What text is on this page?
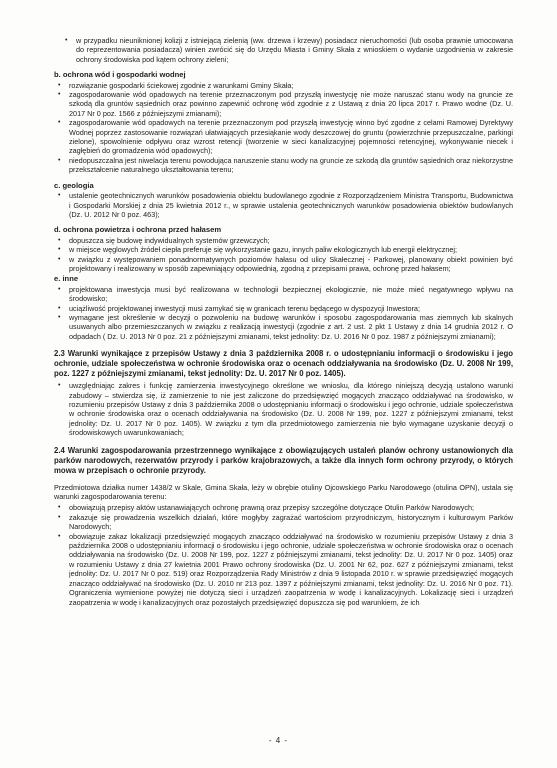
• w przypadku nieuniknionej kolizji z istniejącą zielenią (ww. drzewa i krzewy) posiadacz nieruchomości (lub osoba prawnie umocowana do reprezentowania posiadacza) winien zwrócić się do Urzędu Miasta i Gminy Skała z wnioskiem o wydanie uzgodnienia w zakresie ochrony środowiska pod kątem ochrony zieleni;
b. ochrona wód i gospodarki wodnej
• rozwiązanie gospodarki ściekowej zgodnie z warunkami Gminy Skała;
• zagospodarowanie wód opadowych na terenie przeznaczonym pod przyszłą inwestycję nie może naruszać stanu wody na gruncie ze szkodą dla gruntów sąsiednich oraz powinno zapewnić ochronę wód zgodnie z z Ustawą z dnia 20 lipca 2017 r. Prawo wodne (Dz. U. 2017 Nr 0 poz. 1566 z późniejszymi zmianami);
• zagospodarowanie wód opadowych na terenie przeznaczonym pod przyszłą inwestycję winno być zgodne z celami Ramowej Dyrektywy Wodnej poprzez zastosowanie rozwiązań ułatwiających przesiąkanie wody deszczowej do gruntu (powierzchnie przepuszczalne, parkingi zielone), spowolnienie odpływu oraz wzrost retencji (tworzenie w sieci kanalizacyjnej pojemności retencyjnej, wykonywanie niecek i zagłębień do gromadzenia wód opadowych);
• niedopuszczalna jest niwelacja terenu powodująca naruszenie stanu wody na gruncie ze szkodą dla gruntów sąsiednich oraz niekorzystne przekształcenie naturalnego ukształtowania terenu;
c. geologia
• ustalenie geotechnicznych warunków posadowienia obiektu budowlanego zgodnie z Rozporządzeniem Ministra Transportu, Budownictwa i Gospodarki Morskiej z dnia 25 kwietnia 2012 r., w sprawie ustalenia geotechnicznych warunków posadowienia obiektów budowlanych (Dz. U. 2012 Nr 0 poz. 463);
d. ochrona powietrza i ochrona przed hałasem
• dopuszcza się budowę indywidualnych systemów grzewczych;
• w miejsce węglowych źródeł ciepła preferuje się wykorzystanie gazu, innych paliw ekologicznych lub energii elektrycznej;
• w związku z występowaniem ponadnormatywnych poziomów hałasu od ulicy Skałecznej - Parkowej, planowany obiekt powinien być projektowany i realizowany w sposób zapewniający odpowiednią, zgodną z przepisami prawa, ochronę przed hałasem;
e. inne
• projektowana inwestycja musi być realizowana w technologii bezpiecznej ekologicznie, nie może mieć negatywnego wpływu na środowisko;
• uciążliwość projektowanej inwestycji musi zamykać się w granicach terenu będącego w dyspozycji Inwestora;
• wymagane jest określenie w decyzji o pozwoleniu na budowę warunków i sposobu zagospodarowania mas ziemnych lub skalnych usuwanych albo przemieszczanych w związku z realizacją inwestycji (zgodnie z art. 2 ust. 2 pkt 1 Ustawy z dnia 14 grudnia 2012 r. O odpadach ( Dz. U. 2013 Nr 0 poz. 21 z późniejszymi zmianami, tekst jednolity: Dz. U. 2016 Nr 0 poz. 1987 z późniejszymi zmianami);
2.3 Warunki wynikające z przepisów Ustawy z dnia 3 października 2008 r. o udostępnianiu informacji o środowisku i jego ochronie, udziale społeczeństwa w ochronie środowiska oraz o ocenach oddziaływania na środowisko (Dz. U. 2008 Nr 199, poz. 1227 z późniejszymi zmianami, tekst jednolity: Dz. U. 2017 Nr 0 poz. 1405).
• uwzględniając zakres i funkcję zamierzenia inwestycyjnego określone we wniosku, dla którego niniejszą decyzją ustalono warunki zabudowy – stwierdza się, iż zamierzenie to nie jest zaliczone do przedsięwzięć mogących znacząco oddziaływać na środowisko, w rozumieniu przepisów Ustawy z dnia 3 października 2008 o udostępnianiu informacji o środowisku i jego ochronie, udziale społeczeństwa w ochronie środowiska oraz o ocenach oddziaływania na środowisko (Dz. U. 2008 Nr 199, poz. 1227 z późniejszymi zmianami, tekst jednolity: Dz. U. 2017 Nr 0 poz. 1405). W związku z tym dla przedmiotowego zamierzenia nie było wymagane uzyskanie decyzji o środowiskowych uwarunkowaniach;
2.4 Warunki zagospodarowania przestrzennego wynikające z obowiązujących ustaleń planów ochrony ustanowionych dla parków narodowych, rezerwatów przyrody i parków krajobrazowych, a także dla innych form ochrony przyrody, o których mowa w przepisach o ochronie przyrody.

Przedmiotowa działka numer 1438/2 w Skale, Gmina Skała, leży w obrębie otuliny Ojcowskiego Parku Narodowego (otulina OPN), ustala się warunki zagospodarowania terenu:

• obowiązują przepisy aktów ustanawiających ochronę prawną oraz przepisy szczególne dotyczące Otulin Parków Narodowych;
• zakazuje się prowadzenia wszelkich działań, które mogłyby zagrażać wartościom przyrodniczym, historycznym i kulturowym Parków Narodowych;
• obowiązuje zakaz lokalizacji przedsięwzięć mogących znacząco oddziaływać na środowisko w rozumieniu przepisów Ustawy z dnia 3 października 2008 o udostępnianiu informacji o środowisku i jego ochronie, udziale społeczeństwa w ochronie środowiska oraz o ocenach oddziaływania na środowisko (Dz. U. 2008 Nr 199, poz. 1227 z późniejszymi zmianami, tekst jednolity: Dz. U. 2017 Nr 0 poz. 1405) oraz w rozumieniu Ustawy z dnia 27 kwietnia 2001 Prawo ochrony środowiska (Dz. U. 2001 Nr 62, poz. 627 z późniejszymi zmianami, tekst jednolity: Dz. U. 2017 Nr 0 poz. 519) oraz Rozporządzenia Rady Ministrów z dnia 9 listopada 2010 r. w sprawie przedsięwzięć mogących znacząco oddziaływać na środowisko (Dz. U. 2010 nr 213 poz. 1397 z późniejszymi zmianami, tekst jednolity: Dz. U. 2016 Nr 0 poz. 71). Ograniczenia wymienione powyżej nie dotyczą sieci i urządzeń zaopatrzenia w wodę i kanalizacyjnych. Lokalizację sieci i urządzeń zaopatrzenia w wodę i kanalizacyjnych oraz pozostałych przedsięwzięć dopuszcza się pod warunkiem, że ich
- 4 -
